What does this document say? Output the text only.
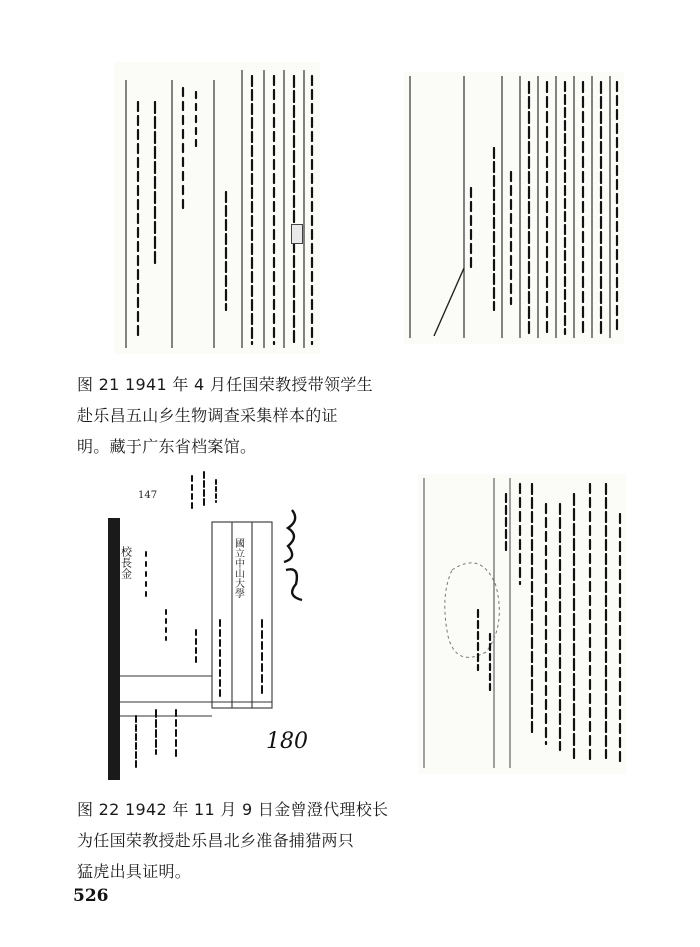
图 21 1941 年 4 月任国荣教授带领学生
赴乐昌五山乡生物调查采集样本的证
明。藏于广东省档案馆。
147
國立中山大學
校長金
180
图 22 1942 年 11 月 9 日金曾澄代理校长
为任国荣教授赴乐昌北乡准备捕猎两只
猛虎出具证明。
526
